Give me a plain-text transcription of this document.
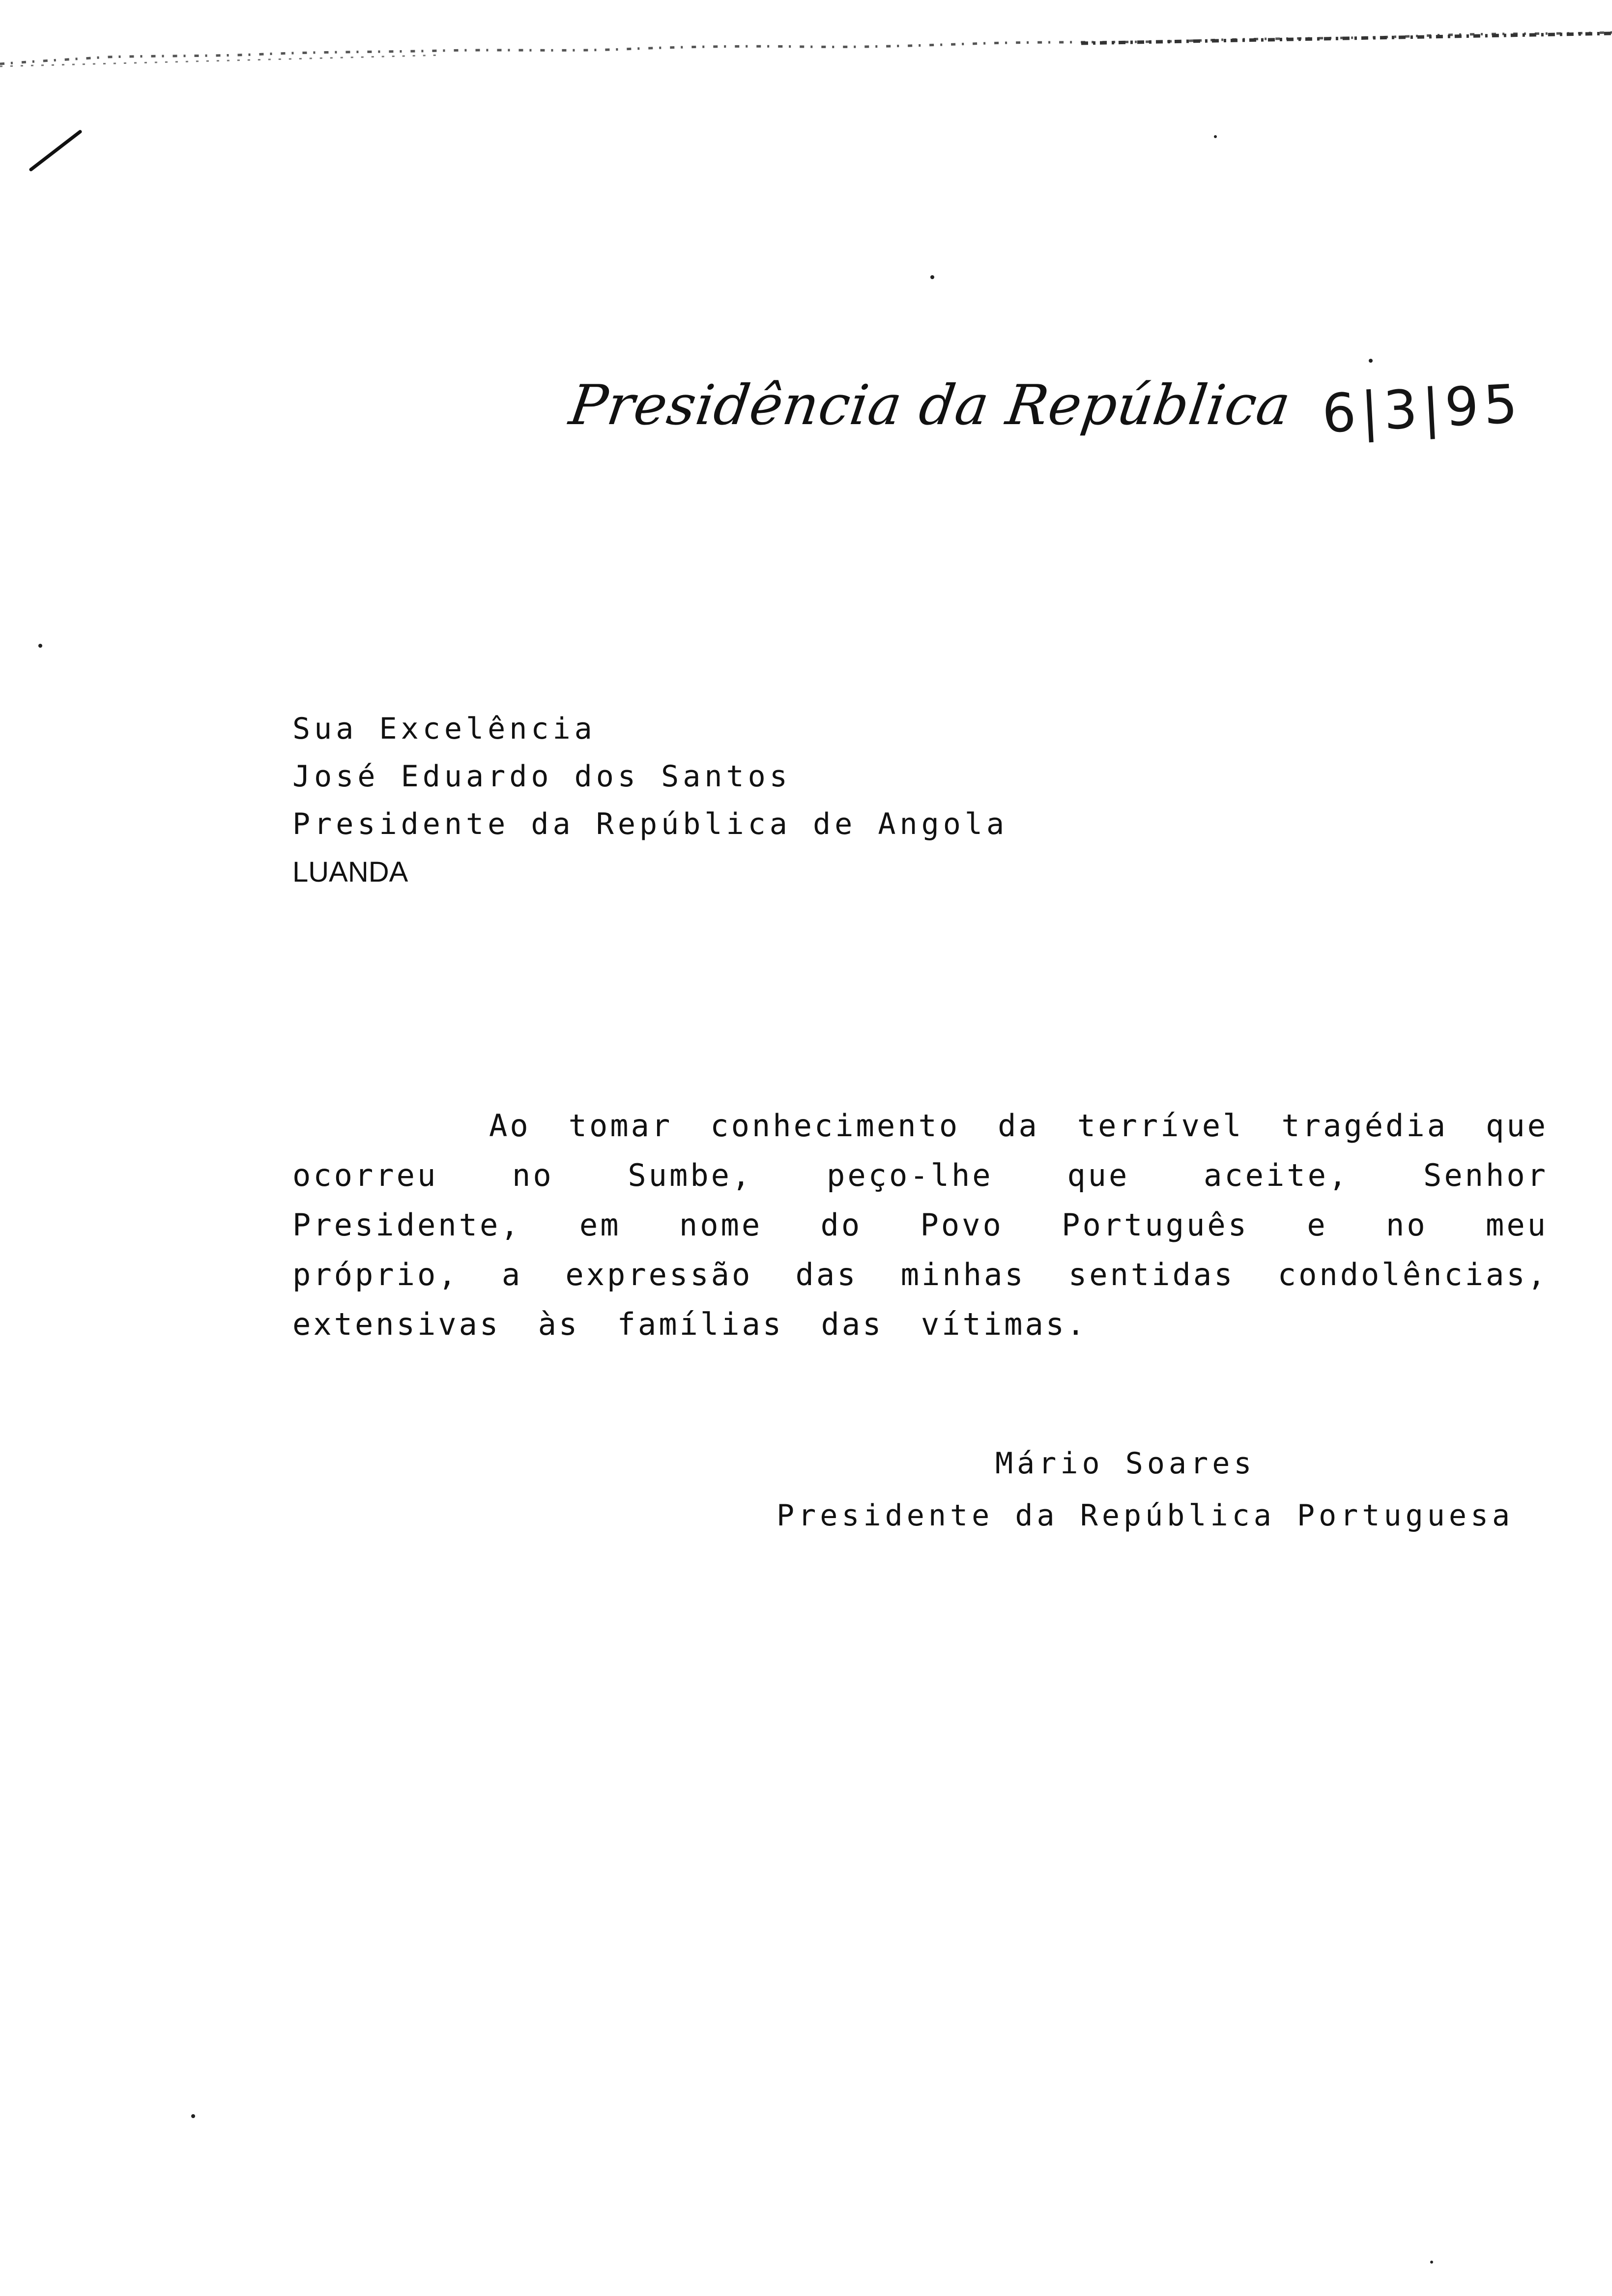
Presidência da República 6|3|95
Sua Excelência
José Eduardo dos Santos
Presidente da República de Angola
LUANDA
Ao tomar conhecimento da terrível tragédia que ocorreu no Sumbe, peço-lhe que aceite, Senhor Presidente, em nome do Povo Português e no meu próprio, a expressão das minhas sentidas condolências, extensivas às famílias das vítimas.
Mário Soares
Presidente da República Portuguesa
